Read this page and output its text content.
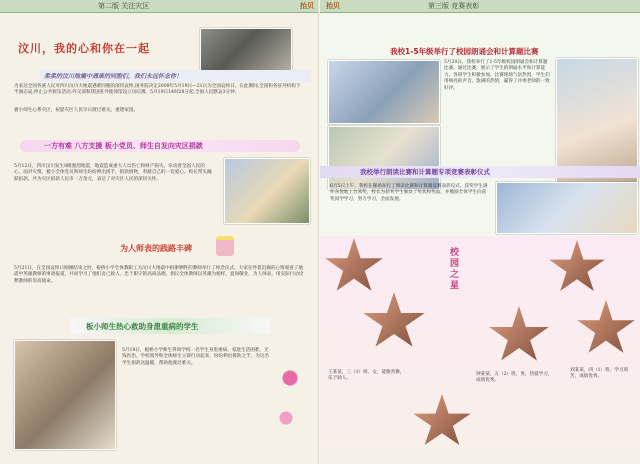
第二版 关注灾区	抬贝
汶川，我的心和你在一起
柔柔的汶川地震中遇难的同胞们，我们永远怀念你！
为表达全国各族人民对四川汶川大地震遇难同胞的深切哀悼,国务院决定2008年5月19日—21日为全国哀悼日。在此期间,全国和各驻外机构下半旗志哀,停止公共娱乐活动,外交部和我国驻外使领馆设立吊唁簿。5月19日14时28分起,全国人民默哀3分钟。
板小师生心系灾区，祝愿灾区人民早日渡过难关，重建家园。
一方有难 八方支援 板小党员、师生自发向灾区捐款
5月12日，四川汶川发生8级强烈地震，地震造成重大人员伤亡和财产损失。牵动着全国人民的心，面对灾情，板小全体党员和师生纷纷伸出援手，捐款捐物，奉献自己的一份爱心。校长带头踊跃捐款，共为灾区捐款人民币一万余元，表达了对灾区人民的深切关怀。
为人师表的践路丰碑
5月21日，在全国哀悼日刚刚结束之时，板桥小学全体教职工为汶川大地震中捐躯牺牲的教师举行了悼念仪式。大家在怀着沉痛的心情观看了地震中英雄教师的事迹报道，共同学习了他们舍己救人、忠于职守的高尚品德。倡议全体教师以英雄为榜样，爱岗敬业，为人师表，用实际行动诠释教师的崇高使命。
板小师生热心救助身患重病的学生
5月19日，板桥小学师生得知学校一名学生身患重病，家庭生活困难，无钱医治，学校领导和全体师生立即行动起来，纷纷伸出援助之手，为这名学生捐款送温暖，帮助他渡过难关。
抬贝	第三版 竞赛表彰
我校1-5年级举行了校园朗诵会和计算题比赛
5月20日，我校举行了1-5年级校园朗诵会和计算题比赛。通过比赛，展示了学生的朗诵水平和计算能力。各班学生积极参加，比赛现场气氛热烈，学生们用响亮的声音、饱满的热情，赢得了评委老师的一致好评。
我校举行朗读比赛和计算题专项竞赛表彰仪式
6月5日上午，我校在操场举行了朗读比赛和计算题竞赛表彰仪式。获奖学生满怀喜悦地上台领奖，校长为获奖学生颁发了奖状和奖品，并勉励全体学生向获奖同学学习，努力学习，全面发展。
校园之星
王某某，三（1）班，女，能歌善舞，乐于助人。
钟某某，五（2）班，男，热爱学习，成绩优秀。
刘某某，四（1）班，学习刻苦，成绩优秀。
